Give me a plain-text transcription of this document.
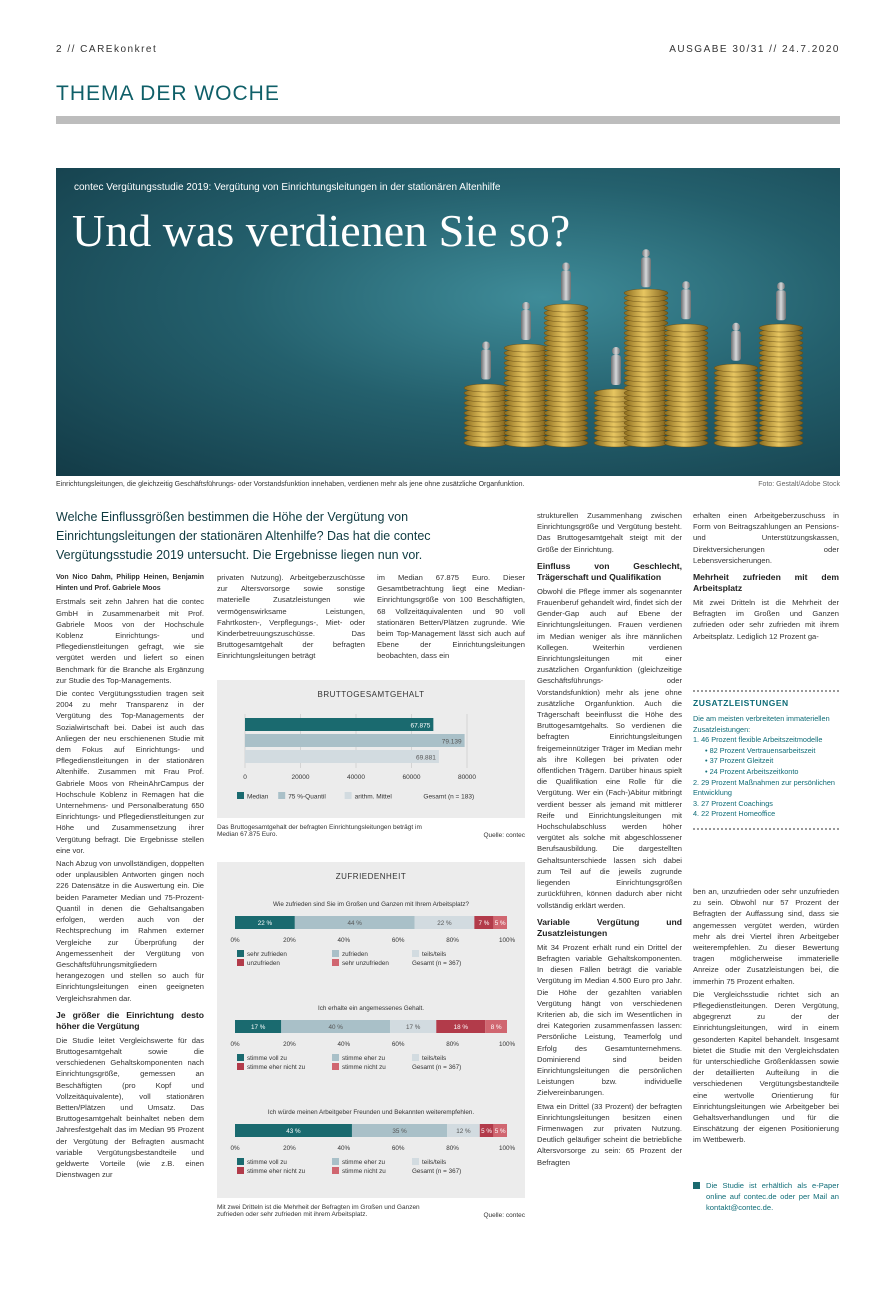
2 // CAREkonkret	AUSGABE 30/31 // 24.7.2020
THEMA DER WOCHE
contec Vergütungsstudie 2019: Vergütung von Einrichtungsleitungen in der stationären Altenhilfe
Und was verdienen Sie so?
Einrichtungsleitungen, die gleichzeitig Geschäftsführungs- oder Vorstandsfunktion innehaben, verdienen mehr als jene ohne zusätzliche Organfunktion.	Foto: Gestalt/Adobe Stock
Welche Einflussgrößen bestimmen die Höhe der Vergütung von Einrichtungsleitungen der stationären Altenhilfe? Das hat die contec Vergütungsstudie 2019 untersucht. Die Ergebnisse liegen nun vor.

Von Nico Dahm, Philipp Heinen, Benjamin Hinten und Prof. Gabriele Moos

Erstmals seit zehn Jahren hat die contec GmbH in Zusammenarbeit mit Prof. Gabriele Moos von der Hochschule Koblenz Einrichtungs- und Pflegedienstleitungen gefragt, wie sie vergütet werden und liefert so einen Benchmark für die Branche als Ergänzung zur Studie des Top-Managements.

Die contec Vergütungsstudien tragen seit 2004 zu mehr Transparenz in der Vergütung des Top-Managements der Sozialwirtschaft bei. Dabei ist auch das Anliegen der neu erschienenen Studie mit dem Fokus auf Einrichtungs- und Pflegedienstleitungen in der stationären Altenhilfe. Zusammen mit Frau Prof. Gabriele Moos von RheinAhrCampus der Hochschule Koblenz in Remagen hat die Unternehmens- und Personalberatung 650 Einrichtungs- und Pflegedienstleitungen zur Höhe und Zusammensetzung ihrer Vergütung befragt. Die Ergebnisse stellen eine vor.

Nach Abzug von unvollständigen, doppelten oder unplausiblen Antworten gingen noch 226 Datensätze in die Auswertung ein. Die beiden Parameter Median und 75-Prozent-Quantil in denen die Gehaltsangaben erfolgen, werden auch von der Rechtsprechung im Rahmen externer Vergleiche zur Überprüfung der Angemessenheit der Vergütung von Geschäftsführungsmitgliedern herangezogen und stellen so auch für Einrichtungsleitungen einen geeigneten Vergleichsrahmen dar.

Je größer die Einrichtung desto höher die Vergütung

Die Studie leitet Vergleichswerte für das Bruttogesamtgehalt sowie die verschiedenen Gehaltskomponenten nach Einrichtungsgröße, gemessen an Beschäftigten (pro Kopf und Vollzeitäquivalente), voll stationären Betten/Plätzen und Umsatz. Das Bruttogesamtgehalt beinhaltet neben dem Jahresfestgehalt das im Median 95 Prozent der Vergütung der Befragten ausmacht variable Vergütungsbestandteile und geldwerte Vorteile (wie z.B. einen Dienstwagen zur

privaten Nutzung). Arbeitgeberzuschüsse zur Altersvorsorge sowie sonstige materielle Zusatzleistungen wie vermögenswirksame Leistungen, Fahrtkosten-, Verpflegungs-, Miet- oder Kinderbetreuungszuschüsse. Das Bruttogesamtgehalt der befragten Einrichtungsleitungen beträgt

im Median 67.875 Euro. Dieser Gesamtbetrachtung liegt eine Median-Einrichtungsgröße von 100 Beschäftigten, 68 Vollzeitäquivalenten und 90 voll stationären Betten/Plätzen zugrunde. Wie beim Top-Management lässt sich auch auf Ebene der Einrichtungsleitungen beobachten, dass ein

BRUTTOGESAMTGEHALT
67.875
79.139
69.881
0	20000	40000	60000	80000
Median	75 %-Quantil	arithm. Mittel	Gesamt (n = 183)
Das Bruttogesamtgehalt der befragten Einrichtungsleitungen beträgt im Median 67.875 Euro.	Quelle: contec
ZUFRIEDENHEIT
Wie zufrieden sind Sie im Großen und Ganzen mit Ihrem Arbeitsplatz?
22 %	44 %	22 %	7 % 5 %
0%	20%	40%	60%	80%	100%
sehr zufrieden	zufrieden	teils/teils
unzufrieden	sehr unzufrieden	Gesamt (n = 367)
Ich erhalte ein angemessenes Gehalt.
17 %	40 %	17 %	18 %	8 %
0%	20%	40%	60%	80%	100%
stimme voll zu	stimme eher zu	teils/teils
stimme eher nicht zu	stimme nicht zu	Gesamt (n = 367)
Ich würde meinen Arbeitgeber Freunden und Bekannten weiterempfehlen.
43 %	35 %	12 % 5 % 5 %
0%	20%	40%	60%	80%	100%
stimme voll zu	stimme eher zu	teils/teils
stimme eher nicht zu	stimme nicht zu	Gesamt (n = 367)
Mit zwei Dritteln ist die Mehrheit der Befragten im Großen und Ganzen zufrieden oder sehr zufrieden mit ihrem Arbeitsplatz.	Quelle: contec

strukturellen Zusammenhang zwischen Einrichtungsgröße und Vergütung besteht. Das Bruttogesamtgehalt steigt mit der Größe der Einrichtung.

Einfluss von Geschlecht, Trägerschaft und Qualifikation

Obwohl die Pflege immer als sogenannter Frauenberuf gehandelt wird, findet sich der Gender-Gap auch auf Ebene der Einrichtungsleitungen. Frauen verdienen im Median weniger als ihre männlichen Kollegen. Weiterhin verdienen Einrichtungsleitungen mit einer zusätzlichen Organfunktion (gleichzeitige Geschäftsführungs- oder Vorstandsfunktion) mehr als jene ohne zusätzliche Organfunktion. Auch die Trägerschaft beeinflusst die Höhe des Bruttogesamtgehalts. So verdienen die befragten Einrichtungsleitungen freigemeinnütziger Träger im Median mehr als ihre Kollegen bei privaten oder öffentlichen Trägern. Darüber hinaus spielt die Qualifikation eine Rolle für die Vergütung. Wer ein (Fach-)Abitur mitbringt verdient besser als jemand mit mittlerer Reife und Einrichtungsleitungen mit Hochschulabschluss werden höher vergütet als solche mit abgeschlossener Berufsausbildung. Die dargestellten Gehaltsunterschiede lassen sich dabei zum Teil auf die jeweils zugrunde liegenden Einrichtungsgrößen zurückführen, können dadurch aber nicht vollständig erklärt werden.

Variable Vergütung und Zusatzleistungen

Mit 34 Prozent erhält rund ein Drittel der Befragten variable Gehaltskomponenten. In diesen Fällen beträgt die variable Vergütung im Median 4.500 Euro pro Jahr. Die Höhe der gezahlten variablen Vergütung hängt von verschiedenen Kriterien ab, die sich im Wesentlichen in drei Kategorien zusammenfassen lassen: Persönliche Leistung, Teamerfolg und Erfolg des Gesamtunternehmens. Dominierend sind beiden Einrichtungsleitungen die persönlichen Leistungen bzw. individuelle Zielvereinbarungen.

Etwa ein Drittel (33 Prozent) der befragten Einrichtungsleitungen besitzen einen Firmenwagen zur privaten Nutzung. Deutlich geläufiger scheint die betriebliche Altersvorsorge zu sein: 65 Prozent der Befragten

erhalten einen Arbeitgeberzuschuss in Form von Beitragszahlungen an Pensions- und Unterstützungskassen, Direktversicherungen oder Lebensversicherungen.

Mehrheit zufrieden mit dem Arbeitsplatz

Mit zwei Dritteln ist die Mehrheit der Befragten im Großen und Ganzen zufrieden oder sehr zufrieden mit ihrem Arbeitsplatz. Lediglich 12 Prozent ga-

ZUSATZLEISTUNGEN
Die am meisten verbreiteten immateriellen Zusatzleistungen:
1. 46 Prozent flexible Arbeitszeitmodelle
• 82 Prozent Vertrauensarbeitszeit
• 37 Prozent Gleitzeit
• 24 Prozent Arbeitszeitkonto
2. 29 Prozent Maßnahmen zur persönlichen Entwicklung
3. 27 Prozent Coachings
4. 22 Prozent Homeoffice

ben an, unzufrieden oder sehr unzufrieden zu sein. Obwohl nur 57 Prozent der Befragten der Auffassung sind, dass sie angemessen vergütet werden, würden mehr als drei Viertel ihren Arbeitgeber weiterempfehlen. Zu dieser Bewertung tragen möglicherweise immaterielle Anreize oder Zusatzleistungen bei, die immerhin 75 Prozent erhalten.

Die Vergleichsstudie richtet sich an Pflegedienstleitungen. Deren Vergütung, abgegrenzt zu der der Einrichtungsleitungen, wird in einem gesonderten Kapitel behandelt. Insgesamt bietet die Studie mit den Vergleichsdaten für unterschiedliche Größenklassen sowie der detaillierten Aufteilung in die verschiedenen Vergütungsbestandteile eine wertvolle Orientierung für Einrichtungsleitungen wie Arbeitgeber bei Gehaltsverhandlungen und für die Einschätzung der eigenen Positionierung im Wettbewerb.

Die Studie ist erhältlich als e-Paper online auf contec.de oder per Mail an kontakt@contec.de.
